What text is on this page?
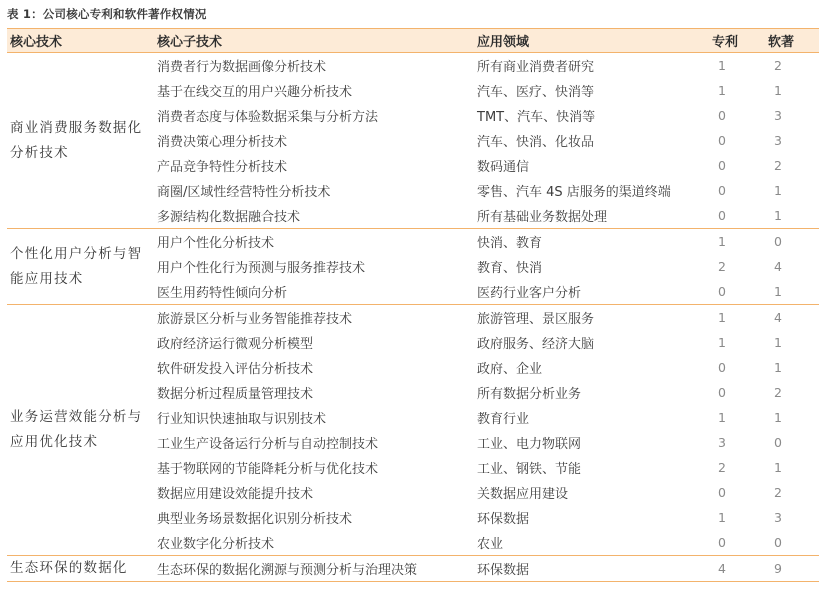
表 1：公司核心专利和软件著作权情况
核心技术	核心子技术	应用领域	专利	软著
商业消费服务数据化分析技术	消费者行为数据画像分析技术	所有商业消费者研究	1	2
	基于在线交互的用户兴趣分析技术	汽车、医疗、快消等	1	1
	消费者态度与体验数据采集与分析方法	TMT、汽车、快消等	0	3
	消费决策心理分析技术	汽车、快消、化妆品	0	3
	产品竞争特性分析技术	数码通信	0	2
	商圈/区域性经营特性分析技术	零售、汽车 4S 店服务的渠道终端	0	1
	多源结构化数据融合技术	所有基础业务数据处理	0	1
个性化用户分析与智能应用技术	用户个性化分析技术	快消、教育	1	0
	用户个性化行为预测与服务推荐技术	教育、快消	2	4
	医生用药特性倾向分析	医药行业客户分析	0	1
业务运营效能分析与应用优化技术	旅游景区分析与业务智能推荐技术	旅游管理、景区服务	1	4
	政府经济运行微观分析模型	政府服务、经济大脑	1	1
	软件研发投入评估分析技术	政府、企业	0	1
	数据分析过程质量管理技术	所有数据分析业务	0	2
	行业知识快速抽取与识别技术	教育行业	1	1
	工业生产设备运行分析与自动控制技术	工业、电力物联网	3	0
	基于物联网的节能降耗分析与优化技术	工业、钢铁、节能	2	1
	数据应用建设效能提升技术	关数据应用建设	0	2
	典型业务场景数据化识别分析技术	环保数据	1	3
	农业数字化分析技术	农业	0	0
生态环保的数据化	生态环保的数据化溯源与预测分析与治理决策	环保数据	4	9
